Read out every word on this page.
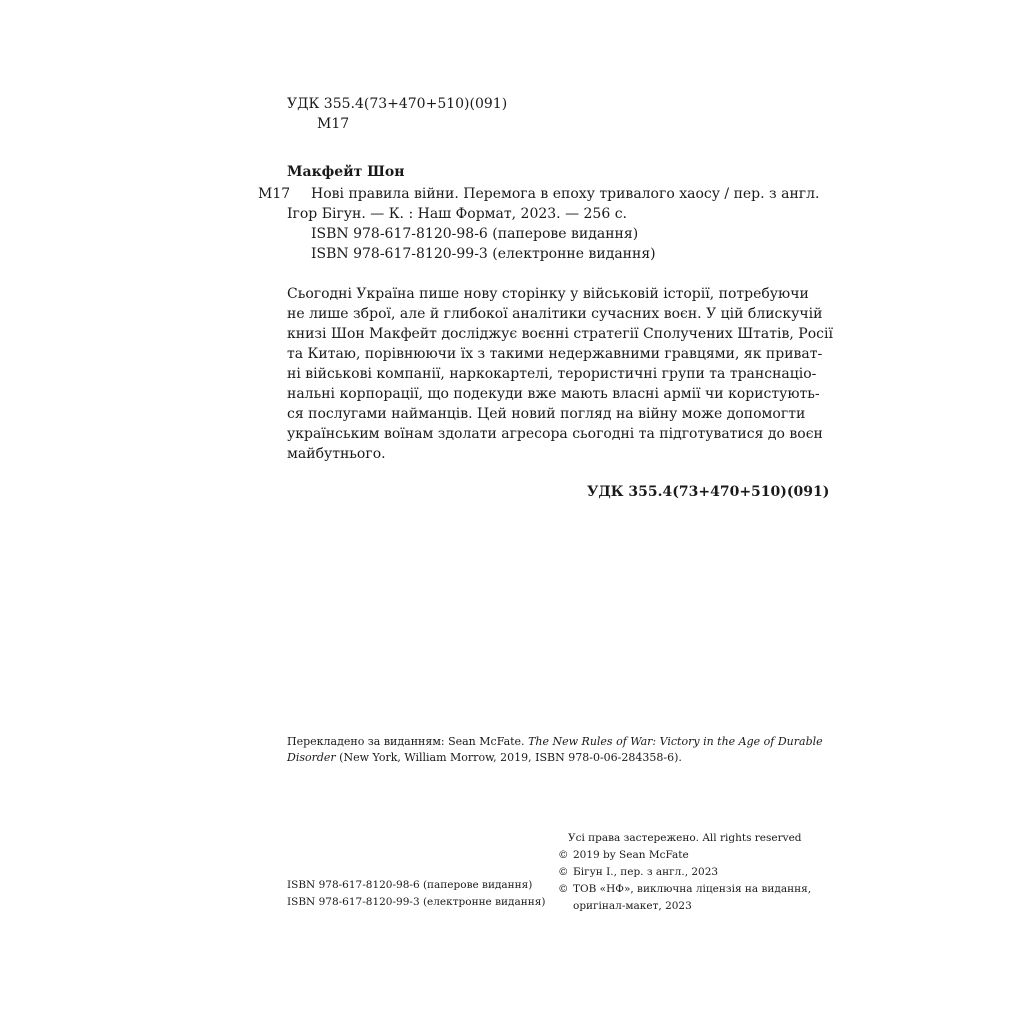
УДК 355.4(73+470+510)(091)
М17
Макфейт Шон
М17 Нові правила війни. Перемога в епоху тривалого хаосу / пер. з англ.
Ігор Бігун. — К. : Наш Формат, 2023. — 256 с.
ISBN 978-617-8120-98-6 (паперове видання)
ISBN 978-617-8120-99-3 (електронне видання)
Сьогодні Україна пише нову сторінку у військовій історії, потребуючи
не лише зброї, але й глибокої аналітики сучасних воєн. У цій блискучій
книзі Шон Макфейт досліджує воєнні стратегії Сполучених Штатів, Росії
та Китаю, порівнюючи їх з такими недержавними гравцями, як приват-
ні військові компанії, наркокартелі, терористичні групи та транснаціо-
нальні корпорації, що подекуди вже мають власні армії чи користують-
ся послугами найманців. Цей новий погляд на війну може допомогти
українським воїнам здолати агресора сьогодні та підготуватися до воєн
майбутнього.
УДК 355.4(73+470+510)(091)
Перекладено за виданням: Sean McFate. The New Rules of War: Victory in the Age of Durable
Disorder (New York, William Morrow, 2019, ISBN 978-0-06-284358-6).
Усі права застережено. All rights reserved
© 2019 by Sean McFate
© Бігун І., пер. з англ., 2023
© ТОВ «НФ», виключна ліцензія на видання,
оригінал-макет, 2023
ISBN 978-617-8120-98-6 (паперове видання)
ISBN 978-617-8120-99-3 (електронне видання)
